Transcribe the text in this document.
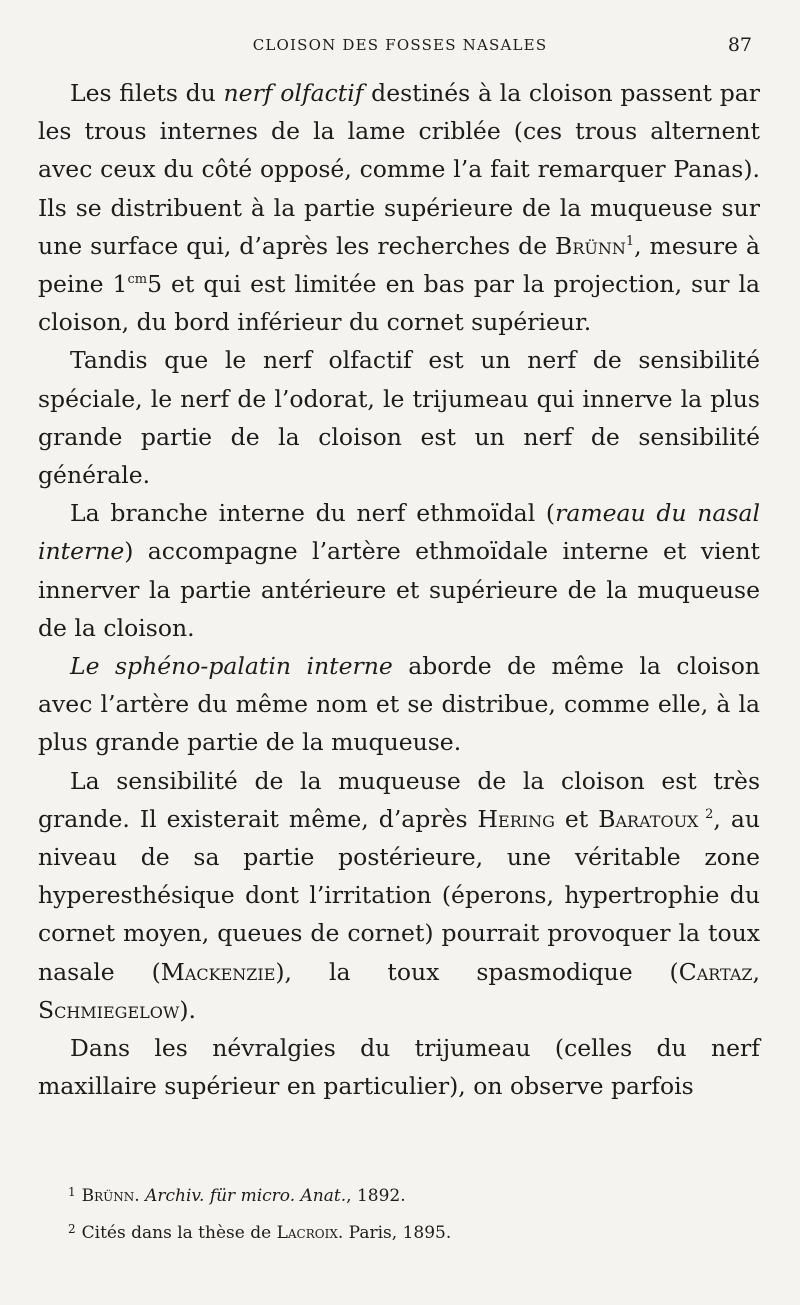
CLOISON DES FOSSES NASALES	87

Les filets du nerf olfactif destinés à la cloison passent par les trous internes de la lame criblée (ces trous alternent avec ceux du côté opposé, comme l’a fait remarquer Panas). Ils se distribuent à la partie supérieure de la muqueuse sur une surface qui, d’après les recherches de Brünn$^1$, mesure à peine $1^{cm}5$ et qui est limitée en bas par la projection, sur la cloison, du bord inférieur du cornet supérieur.

Tandis que le nerf olfactif est un nerf de sensibilité spéciale, le nerf de l’odorat, le trijumeau qui innerve la plus grande partie de la cloison est un nerf de sensibilité générale.

La branche interne du nerf ethmoïdal (rameau du nasal interne) accompagne l’artère ethmoïdale interne et vient innerver la partie antérieure et supérieure de la muqueuse de la cloison.

Le sphéno-palatin interne aborde de même la cloison avec l’artère du même nom et se distribue, comme elle, à la plus grande partie de la muqueuse.

La sensibilité de la muqueuse de la cloison est très grande. Il existerait même, d’après Hering et Baratoux $^2$, au niveau de sa partie postérieure, une véritable zone hyperesthésique dont l’irritation (éperons, hypertrophie du cornet moyen, queues de cornet) pourrait provoquer la toux nasale (Mackenzie), la toux spasmodique (Cartaz, Schmiegelow).

Dans les névralgies du trijumeau (celles du nerf maxillaire supérieur en particulier), on observe parfois

$^1$ Brünn. Archiv. für micro. Anat., 1892.
$^2$ Cités dans la thèse de Lacroix. Paris, 1895.
